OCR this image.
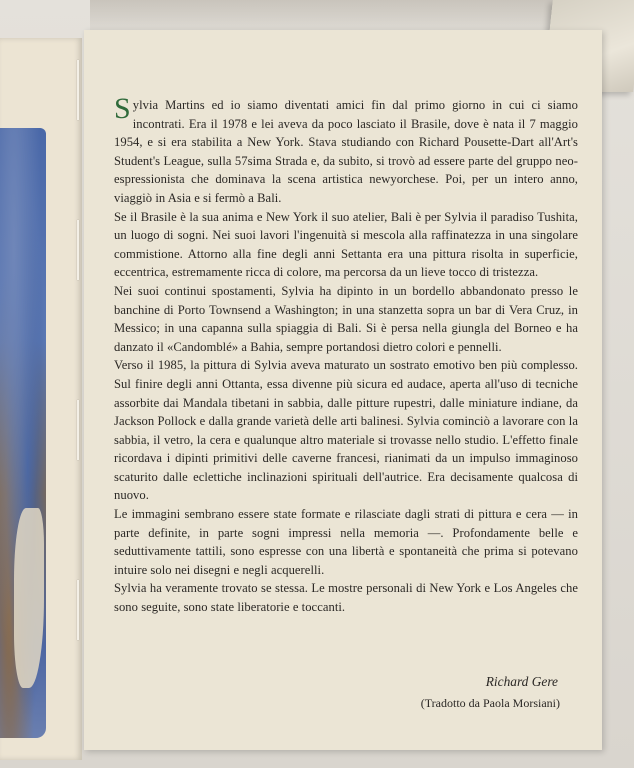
Sylvia Martins ed io siamo diventati amici fin dal primo giorno in cui ci siamo incontrati. Era il 1978 e lei aveva da poco lasciato il Brasile, dove è nata il 7 maggio 1954, e si era stabilita a New York. Stava studiando con Richard Pousette-Dart all'Art's Student's League, sulla 57sima Strada e, da subito, si trovò ad essere parte del gruppo neo-espressionista che dominava la scena artistica newyorchese. Poi, per un intero anno, viaggiò in Asia e si fermò a Bali.

Se il Brasile è la sua anima e New York il suo atelier, Bali è per Sylvia il paradiso Tushita, un luogo di sogni. Nei suoi lavori l'ingenuità si mescola alla raffinatezza in una singolare commistione. Attorno alla fine degli anni Settanta era una pittura risolta in superficie, eccentrica, estremamente ricca di colore, ma percorsa da un lieve tocco di tristezza.

Nei suoi continui spostamenti, Sylvia ha dipinto in un bordello abbandonato presso le banchine di Porto Townsend a Washington; in una stanzetta sopra un bar di Vera Cruz, in Messico; in una capanna sulla spiaggia di Bali. Si è persa nella giungla del Borneo e ha danzato il «Candomblé» a Bahia, sempre portandosi dietro colori e pennelli.

Verso il 1985, la pittura di Sylvia aveva maturato un sostrato emotivo ben più complesso. Sul finire degli anni Ottanta, essa divenne più sicura ed audace, aperta all'uso di tecniche assorbite dai Mandala tibetani in sabbia, dalle pitture rupestri, dalle miniature indiane, da Jackson Pollock e dalla grande varietà delle arti balinesi. Sylvia cominciò a lavorare con la sabbia, il vetro, la cera e qualunque altro materiale si trovasse nello studio. L'effetto finale ricordava i dipinti primitivi delle caverne francesi, rianimati da un impulso immaginoso scaturito dalle eclettiche inclinazioni spirituali dell'autrice. Era decisamente qualcosa di nuovo.

Le immagini sembrano essere state formate e rilasciate dagli strati di pittura e cera — in parte definite, in parte sogni impressi nella memoria —. Profondamente belle e seduttivamente tattili, sono espresse con una libertà e spontaneità che prima si potevano intuire solo nei disegni e negli acquerelli.

Sylvia ha veramente trovato se stessa. Le mostre personali di New York e Los Angeles che sono seguite, sono state liberatorie e toccanti.

Richard Gere
(Tradotto da Paola Morsiani)
